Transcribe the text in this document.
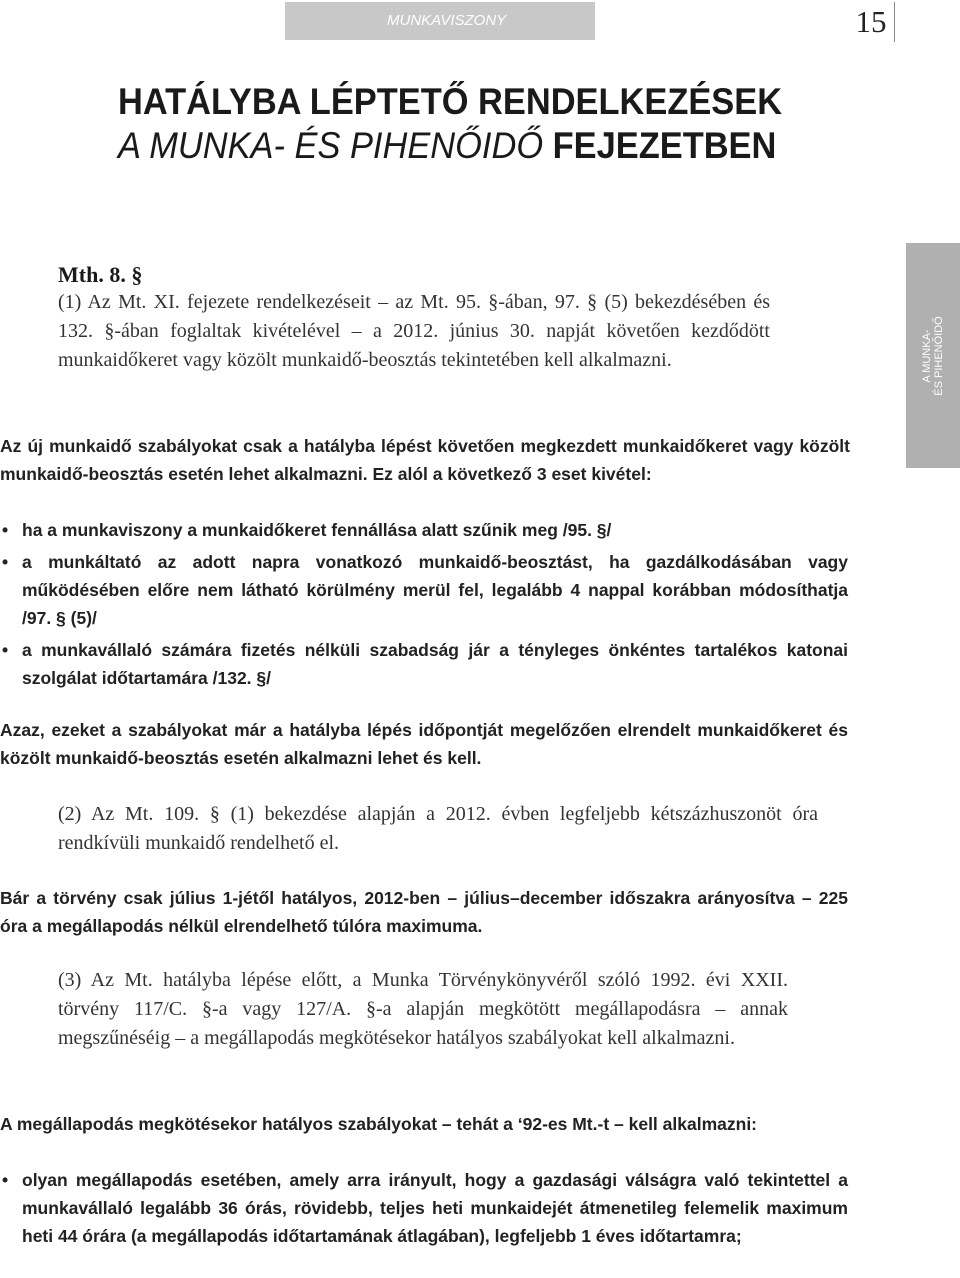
MUNKAVISZONY	15
A MUNKA-
ÉS PIHENŐIDŐ
HATÁLYBA LÉPTETŐ RENDELKEZÉSEK
A MUNKA- ÉS PIHENŐIDŐ FEJEZETBEN
Mth. 8. §
(1) Az Mt. XI. fejezete rendelkezéseit – az Mt. 95. §-ában, 97. § (5) bekezdésében és 132. §-ában foglaltak kivételével – a 2012. június 30. napját követően kezdődött munkaidőkeret vagy közölt munkaidő-beosztás tekintetében kell alkalmazni.
Az új munkaidő szabályokat csak a hatályba lépést követően megkezdett munkaidőkeret vagy közölt munkaidő-beosztás esetén lehet alkalmazni. Ez alól a következő 3 eset kivétel:
• ha a munkaviszony a munkaidőkeret fennállása alatt szűnik meg /95. §/
• a munkáltató az adott napra vonatkozó munkaidő-beosztást, ha gazdálkodásában vagy működésében előre nem látható körülmény merül fel, legalább 4 nappal korábban módosíthatja /97. § (5)/
• a munkavállaló számára fizetés nélküli szabadság jár a tényleges önkéntes tartalékos katonai szolgálat időtartamára /132. §/
Azaz, ezeket a szabályokat már a hatályba lépés időpontját megelőzően elrendelt munkaidőkeret és közölt munkaidő-beosztás esetén alkalmazni lehet és kell.
(2) Az Mt. 109. § (1) bekezdése alapján a 2012. évben legfeljebb kétszázhuszonöt óra rendkívüli munkaidő rendelhető el.
Bár a törvény csak július 1-jétől hatályos, 2012-ben – július–december időszakra arányosítva – 225 óra a megállapodás nélkül elrendelhető túlóra maximuma.
(3) Az Mt. hatályba lépése előtt, a Munka Törvénykönyvéről szóló 1992. évi XXII. törvény 117/C. §-a vagy 127/A. §-a alapján megkötött megállapodásra – annak megszűnéséig – a megállapodás megkötésekor hatályos szabályokat kell alkalmazni.
A megállapodás megkötésekor hatályos szabályokat – tehát a ‘92-es Mt.-t – kell alkalmazni:
• olyan megállapodás esetében, amely arra irányult, hogy a gazdasági válságra való tekintettel a munkavállaló legalább 36 órás, rövidebb, teljes heti munkaidejét átmenetileg felemelik maximum heti 44 órára (a megállapodás időtartamának átlagában), legfeljebb 1 éves időtartamra;
